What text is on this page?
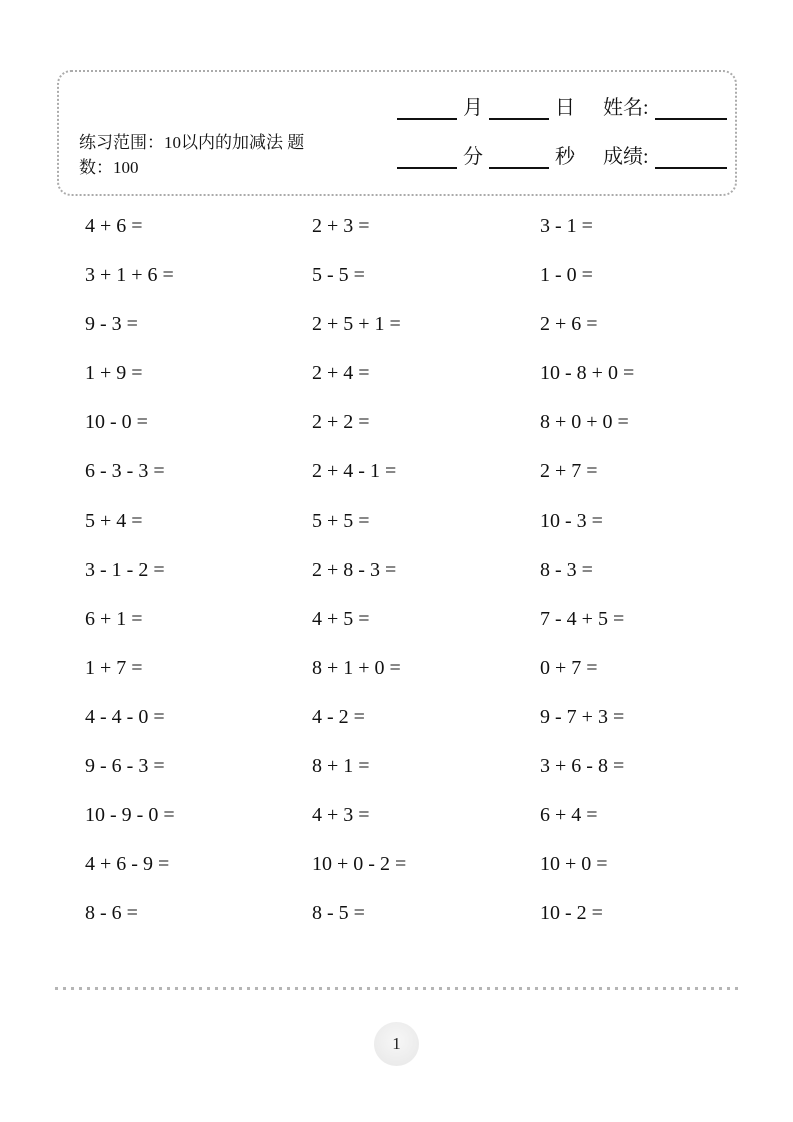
练习范围：10以内的加减法 题
数：100
月	日 姓名:
分	秒 成绩:
4 + 6 =	2 + 3 =	3 - 1 =
3 + 1 + 6 =	5 - 5 =	1 - 0 =
9 - 3 =	2 + 5 + 1 =	2 + 6 =
1 + 9 =	2 + 4 =	10 - 8 + 0 =
10 - 0 =	2 + 2 =	8 + 0 + 0 =
6 - 3 - 3 =	2 + 4 - 1 =	2 + 7 =
5 + 4 =	5 + 5 =	10 - 3 =
3 - 1 - 2 =	2 + 8 - 3 =	8 - 3 =
6 + 1 =	4 + 5 =	7 - 4 + 5 =
1 + 7 =	8 + 1 + 0 =	0 + 7 =
4 - 4 - 0 =	4 - 2 =	9 - 7 + 3 =
9 - 6 - 3 =	8 + 1 =	3 + 6 - 8 =
10 - 9 - 0 =	4 + 3 =	6 + 4 =
4 + 6 - 9 =	10 + 0 - 2 =	10 + 0 =
8 - 6 =	8 - 5 =	10 - 2 =
1
